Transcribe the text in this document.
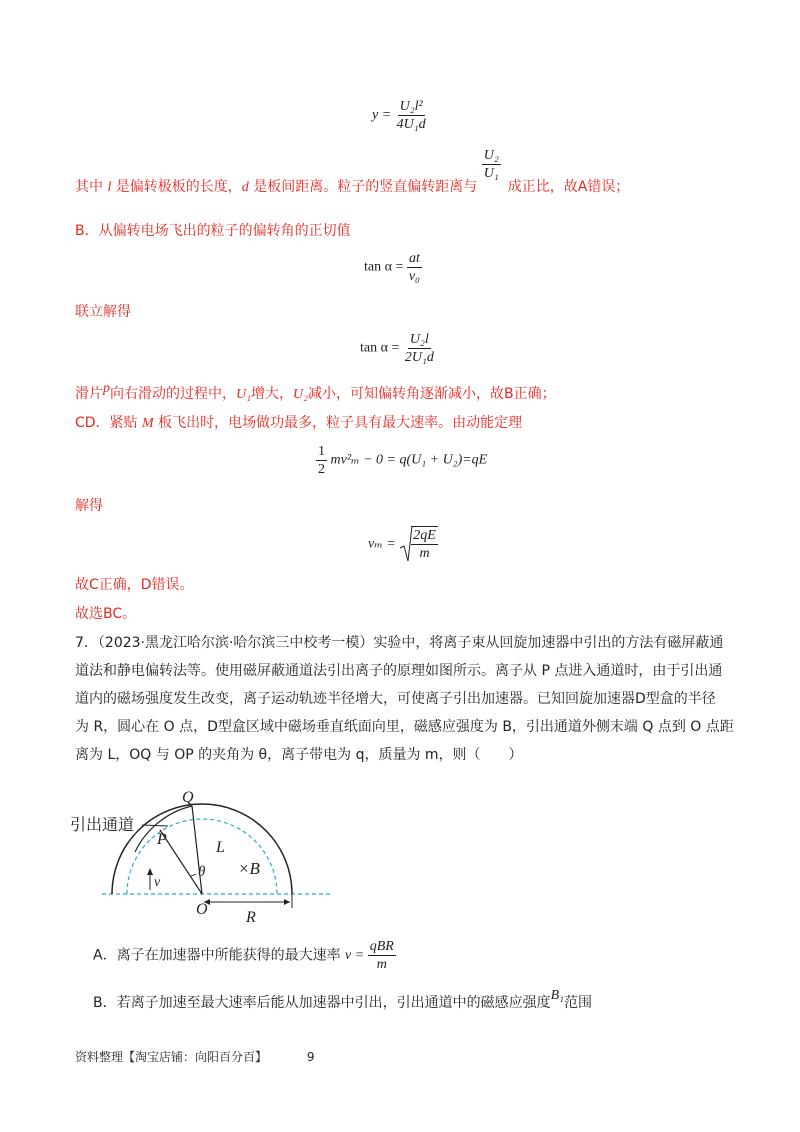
$y = \frac{\text{U₂l²}}{\text{4U₁d}}$
其中 l 是偏转极板的长度，d 是板间距离。粒子的竖直偏转距离与
$\frac{\text{U₂}}{\text{U₁}}$
成正比，故A错误；
B．从偏转电场飞出的粒子的偏转角的正切值
$\tan \alpha = \frac{at}{\text{v₀}}$
联立解得
$\tan \alpha = \frac{\text{U₂l}}{\text{2U₁d}}$
滑片p向右滑动的过程中，U₁增大，U₂减小，可知偏转角逐渐减小，故B正确；
CD．紧贴 M 板飞出时，电场做功最多，粒子具有最大速率。由动能定理
$\frac{1}{2} mv^2_m - 0 = q(U_1 + U_2)=qE$
解得
$v_m = \frac{2qE}{m}$
故C正确，D错误。
故选BC。
7．（2023·黑龙江哈尔滨·哈尔滨三中校考一模）实验中，将离子束从回旋加速器中引出的方法有磁屏蔽通
道法和静电偏转法等。使用磁屏蔽通道法引出离子的原理如图所示。离子从 P 点进入通道时，由于引出通
道内的磁场强度发生改变，离子运动轨迹半径增大，可使离子引出加速器。已知回旋加速器D型盒的半径
为 R，圆心在 O 点，D型盒区域中磁场垂直纸面向里，磁感应强度为 B，引出通道外侧末端 Q 点到 O 点距
离为 L，OQ 与 OP 的夹角为 θ，离子带电为 q，质量为 m，则（　　）
引出通道
Q
P	L
×B
θ
O R
v
A．离子在加速器中所能获得的最大速率 $v = \frac{\text{qBR}}{m}$
B．若离子加速至最大速率后能从加速器中引出，引出通道中的磁感应强度B₁范围
资料整理【淘宝店铺：向阳百分百】	9
